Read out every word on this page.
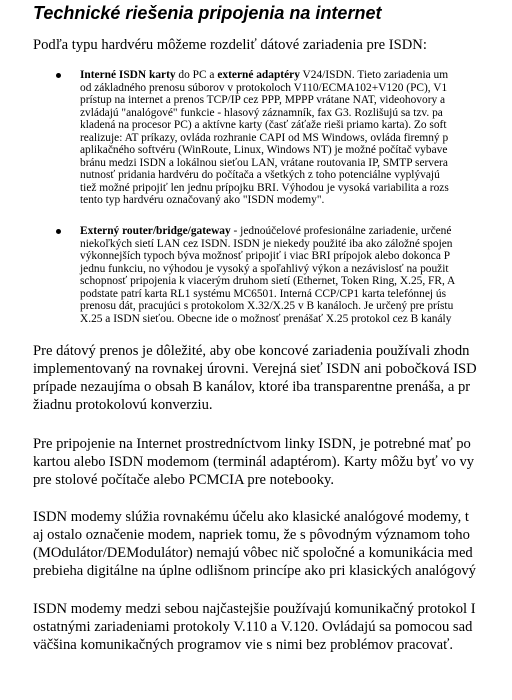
Technické riešenia pripojenia na internet

Podľa typu hardvéru môžeme rozdeliť dátové zariadenia pre ISDN:

Interné ISDN karty do PC a externé adaptéry V24/ISDN. Tieto zariadenia um

od základného prenosu súborov v protokoloch V110/ECMA102+V120 (PC), V1

prístup na internet a prenos TCP/IP cez PPP, MPPP vrátane NAT, videohovory a

zvládajú "analógové" funkcie - hlasový záznamník, fax G3. Rozlišujú sa tzv. pa

kladená na procesor PC) a aktívne karty (časť záťaže rieši priamo karta). Zo soft

realizuje: AT príkazy, ovláda rozhranie CAPI od MS Windows, ovláda firemný p

aplikačného softvéru (WinRoute, Linux, Windows NT) je možné počítač vybave

bránu medzi ISDN a lokálnou sieťou LAN, vrátane routovania IP, SMTP servera

nutnosť pridania hardvéru do počítača a všetkých z toho potenciálne vyplývajú

tiež možné pripojiť len jednu prípojku BRI. Výhodou je vysoká variabilita a rozs

tento typ hardvéru označovaný ako "ISDN modemy".

Externý router/bridge/gateway - jednoúčelové profesionálne zariadenie, určené

niekoľkých sietí LAN cez ISDN. ISDN je niekedy použité iba ako záložné spojen

výkonnejších typoch býva možnosť pripojiť i viac BRI prípojok alebo dokonca P

jednu funkciu, no výhodou je vysoký a spoľahlivý výkon a nezávislosť na použit

schopnosť pripojenia k viacerým druhom sietí (Ethernet, Token Ring, X.25, FR, A

podstate patrí karta RL1 systému MC6501. Interná CCP/CP1 karta telefónnej ús

prenosu dát, pracujúci s protokolom X.32/X.25 v B kanáloch. Je určený pre prístu

X.25 a ISDN sieťou. Obecne ide o možnosť prenášať X.25 protokol cez B kanály

Pre dátový prenos je dôležité, aby obe koncové zariadenia používali zhodn

implementovaný na rovnakej úrovni. Verejná sieť ISDN ani pobočková ISD

prípade nezaujíma o obsah B kanálov, ktoré iba transparentne prenáša, a pr

žiadnu protokolovú konverziu.

Pre pripojenie na Internet prostredníctvom linky ISDN, je potrebné mať po

kartou alebo ISDN modemom (terminál adaptérom). Karty môžu byť vo vy

pre stolové počítače alebo PCMCIA pre notebooky.

ISDN modemy slúžia rovnakému účelu ako klasické analógové modemy, t

aj ostalo označenie modem, napriek tomu, že s pôvodným významom toho

(MOdulátor/DEModulátor) nemajú vôbec nič spoločné a komunikácia med

prebieha digitálne na úplne odlišnom princípe ako pri klasických analógový

ISDN modemy medzi sebou najčastejšie používajú komunikačný protokol I

ostatnými zariadeniami protokoly V.110 a V.120. Ovládajú sa pomocou sad

väčšina komunikačných programov vie s nimi bez problémov pracovať.
